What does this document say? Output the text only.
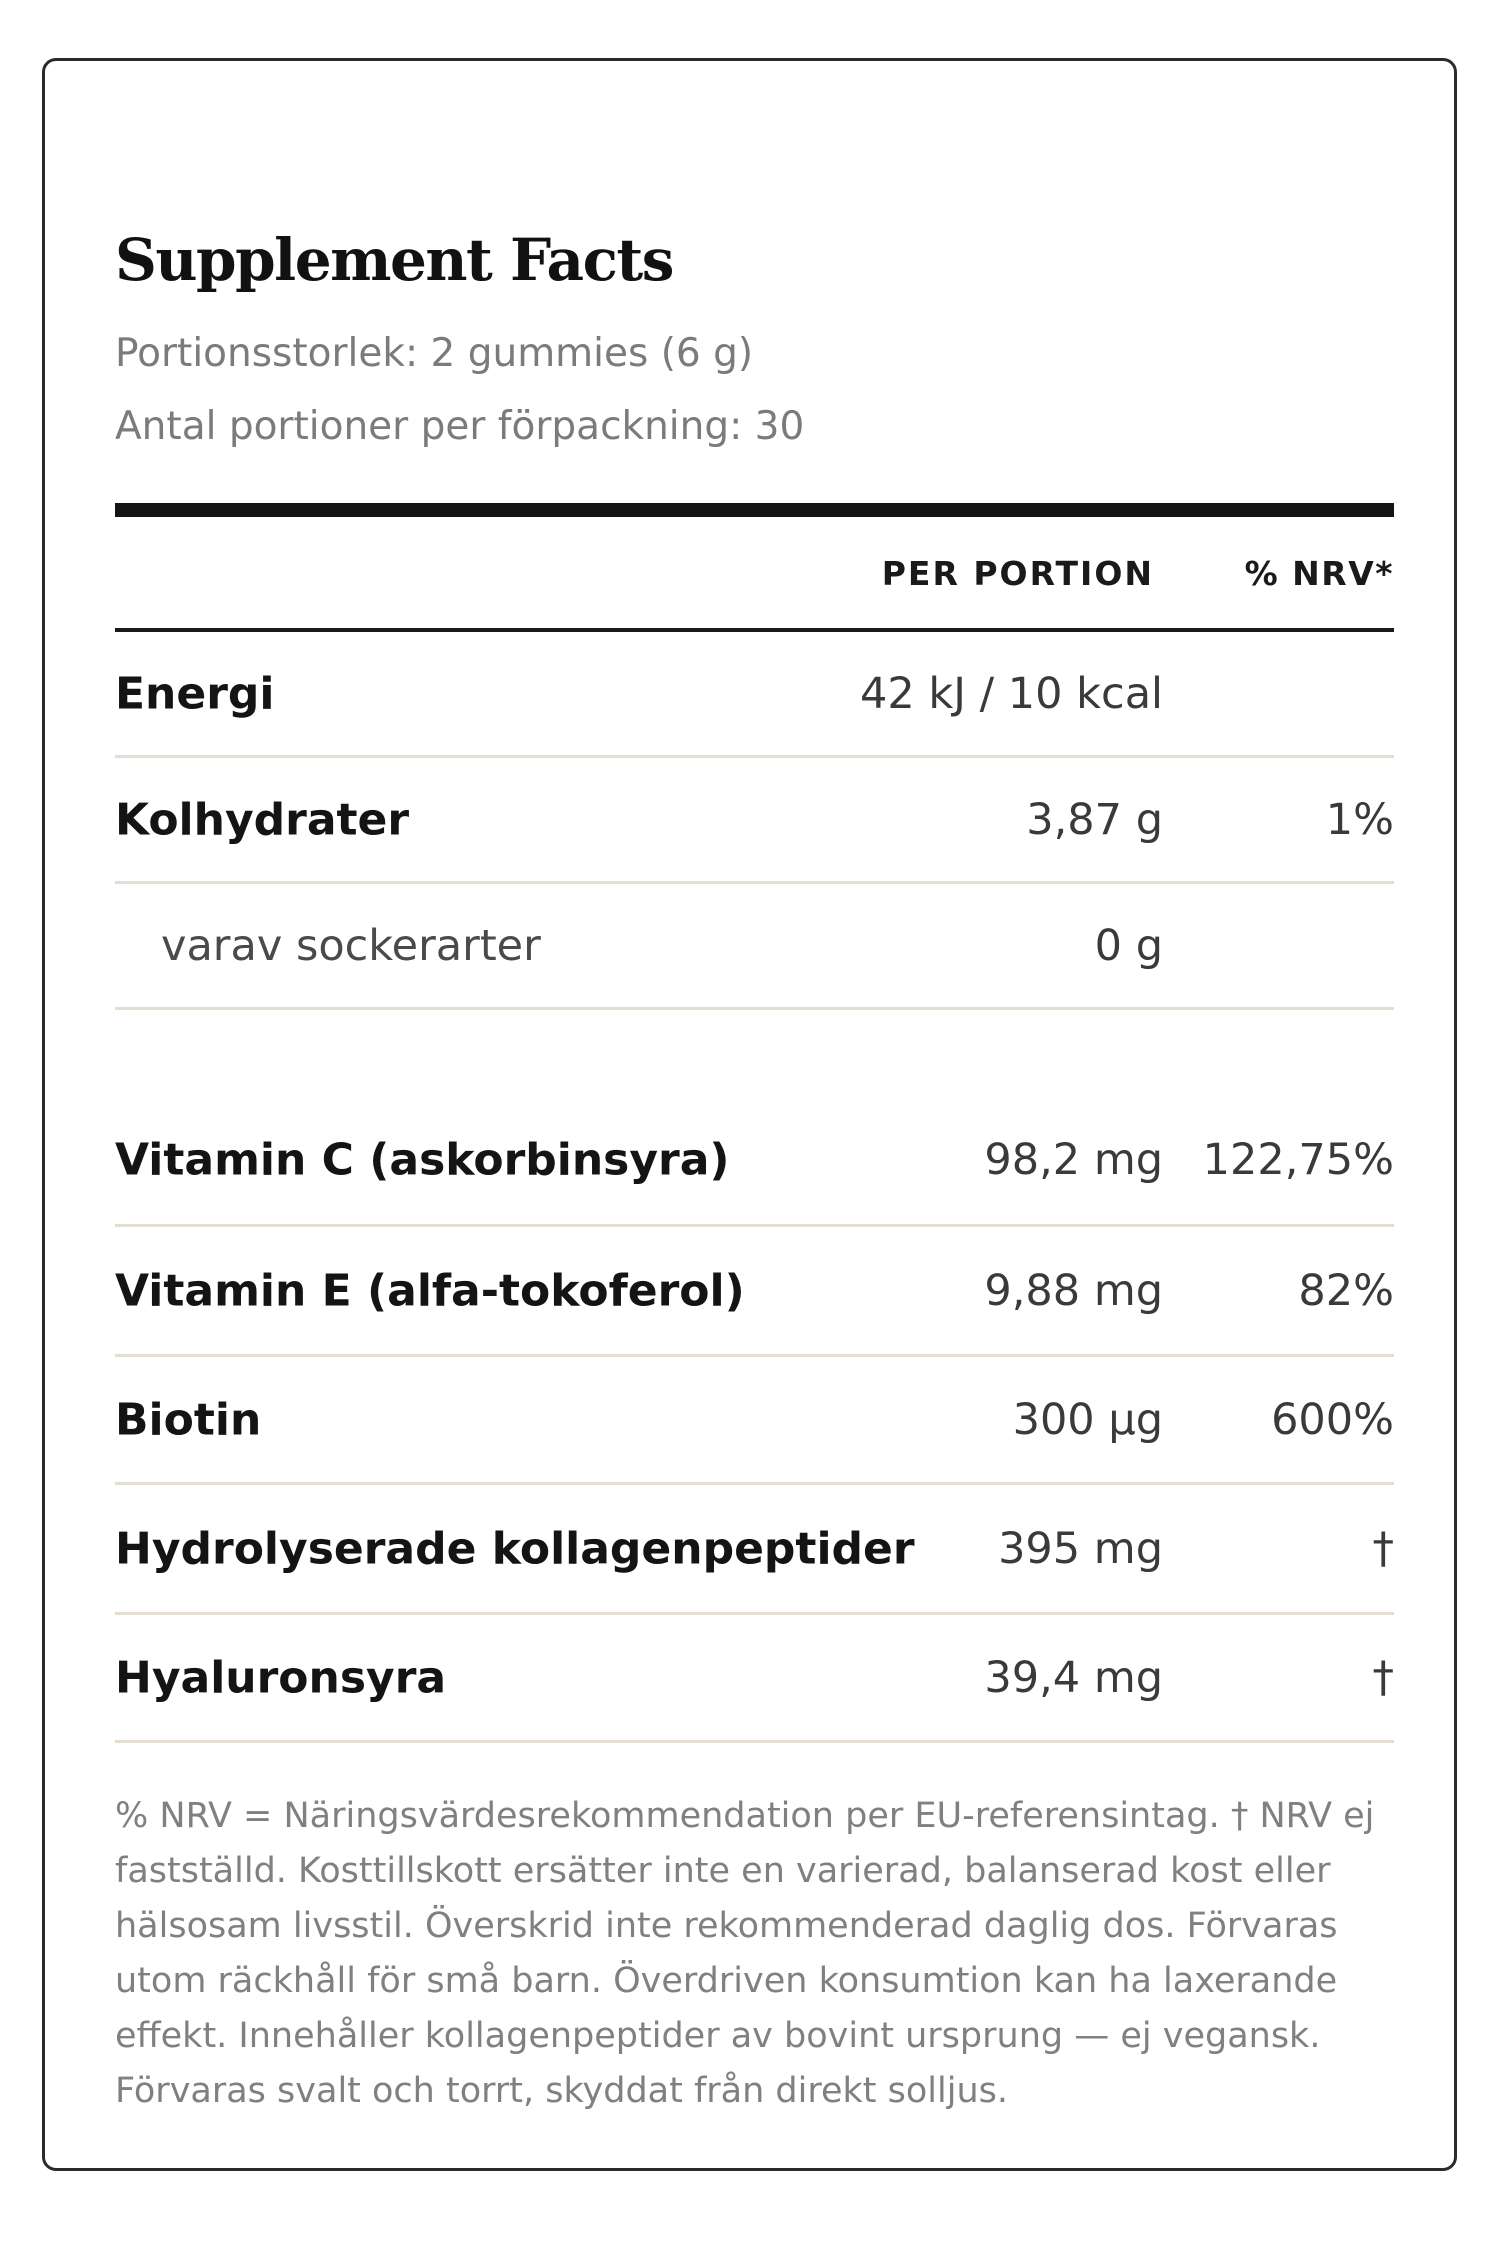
Supplement Facts
Portionsstorlek: 2 gummies (6 g)
Antal portioner per förpackning: 30
PER PORTION	% NRV*
Energi	42 kJ / 10 kcal
Kolhydrater	3,87 g	1%
varav sockerarter	0 g
Vitamin C (askorbinsyra)	98,2 mg 122,75%
Vitamin E (alfa-tokoferol)	9,88 mg	82%
Biotin	300 µg	600%
Hydrolyserade kollagenpeptider 395 mg	†
Hyaluronsyra	39,4 mg	†
% NRV = Näringsvärdesrekommendation per EU-referensintag. † NRV ej fastställd. Kosttillskott ersätter inte en varierad, balanserad kost eller hälsosam livsstil. Överskrid inte rekommenderad daglig dos. Förvaras utom räckhåll för små barn. Överdriven konsumtion kan ha laxerande effekt. Innehåller kollagenpeptider av bovint ursprung — ej vegansk. Förvaras svalt och torrt, skyddat från direkt solljus.
